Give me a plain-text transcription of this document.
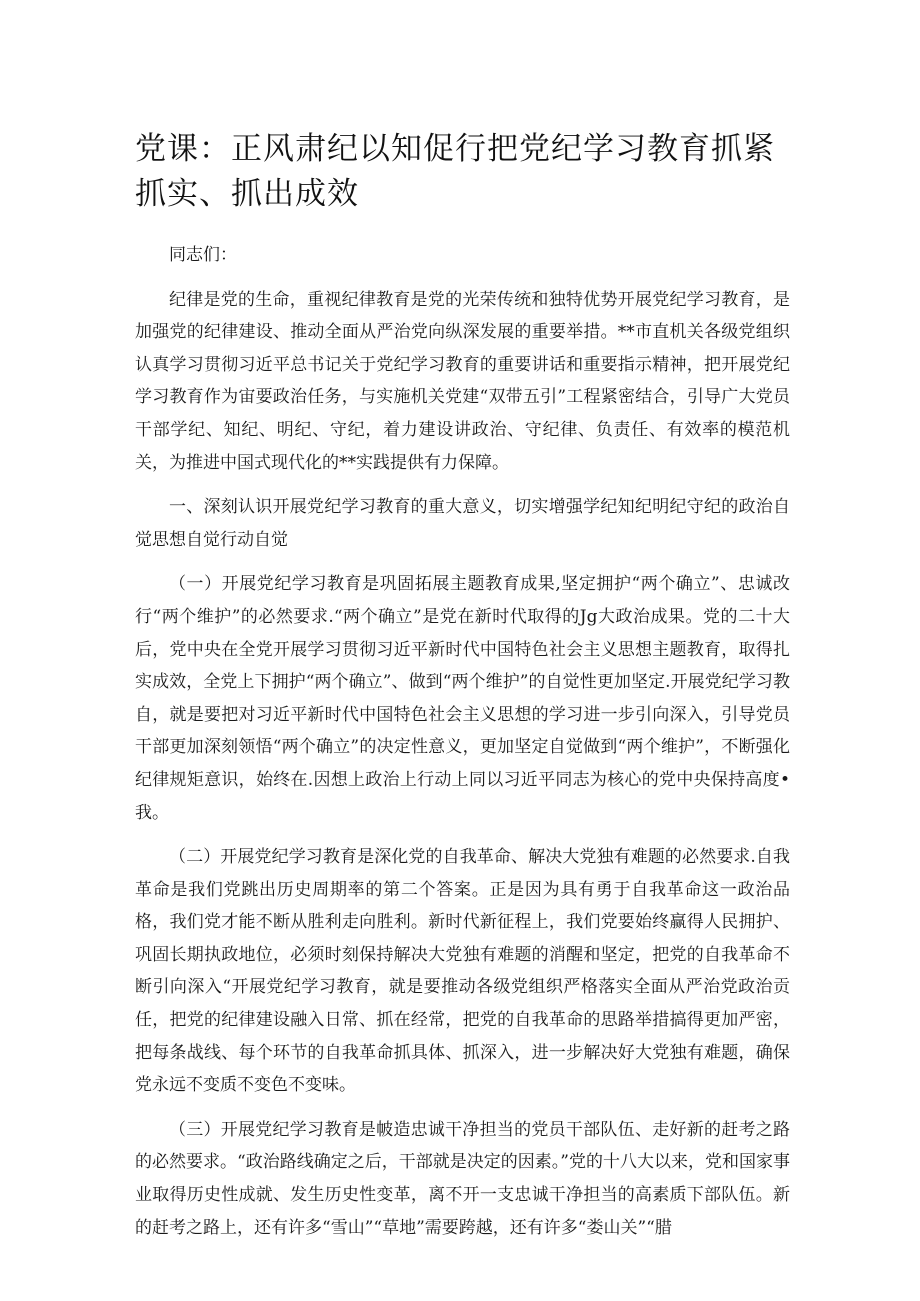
党课：正风肃纪以知促行把党纪学习教育抓紧抓实、抓出成效

同志们：

纪律是党的生命，重视纪律教育是党的光荣传统和独特优势开展党纪学习教育，是加强党的纪律建设、推动全面从严治党向纵深发展的重要举措。**市直机关各级党组织认真学习贯彻习近平总书记关于党纪学习教育的重要讲话和重要指示精神，把开展党纪学习教育作为宙要政治任务，与实施机关党建“双带五引”工程紧密结合，引导广大党员干部学纪、知纪、明纪、守纪，着力建设讲政治、守纪律、负责任、有效率的模范机关，为推进中国式现代化的**实践提供有力保障。

一、深刻认识开展党纪学习教育的重大意义，切实增强学纪知纪明纪守纪的政治自觉思想自觉行动自觉

（一）开展党纪学习教育是巩固拓展主题教育成果,坚定拥护“两个确立”、忠诚改行“两个维护”的必然要求.“两个确立”是党在新时代取得的Jg大政治成果。党的二十大后，党中央在全党开展学习贯彻习近平新时代中国特色社会主义思想主题教育，取得扎实成效，全党上下拥护“两个确立”、做到“两个维护”的自觉性更加坚定.开展党纪学习教自，就是要把对习近平新时代中国特色社会主义思想的学习进一步引向深入，引导党员干部更加深刻领悟“两个确立”的决定性意义，更加坚定自觉做到“两个维护”，不断强化纪律规矩意识，始终在.因想上政治上行动上同以习近平同志为核心的党中央保持高度•我。

（二）开展党纪学习教育是深化党的自我革命、解决大党独有难题的必然要求.自我革命是我们党跳出历史周期率的第二个答案。正是因为具有勇于自我革命这一政治品格，我们党才能不断从胜利走向胜利。新时代新征程上，我们党要始终赢得人民拥护、巩固长期执政地位，必须时刻保持解决大党独有难题的消醒和坚定，把党的自我革命不断引向深入“开展党纪学习教育，就是要推动各级党组织严格落实全面从严治党政治贡任，把党的纪律建设融入日常、抓在经常，把党的自我革命的思路举措搞得更加严密，把每条战线、每个环节的自我革命抓具体、抓深入，进一步解决好大党独有难题，确保党永远不变质不变色不变味。

（三）开展党纪学习教育是帔造忠诚干净担当的党员干部队伍、走好新的赶考之路的必然要求。“政治路线确定之后，干部就是决定的因素。”党的十八大以来，党和国家事业取得历史性成就、发生历史性变革，离不开一支忠诚干净担当的高素质下部队伍。新的赶考之路上，还有许多“雪山”“草地”需要跨越，还有许多“娄山关”“腊
